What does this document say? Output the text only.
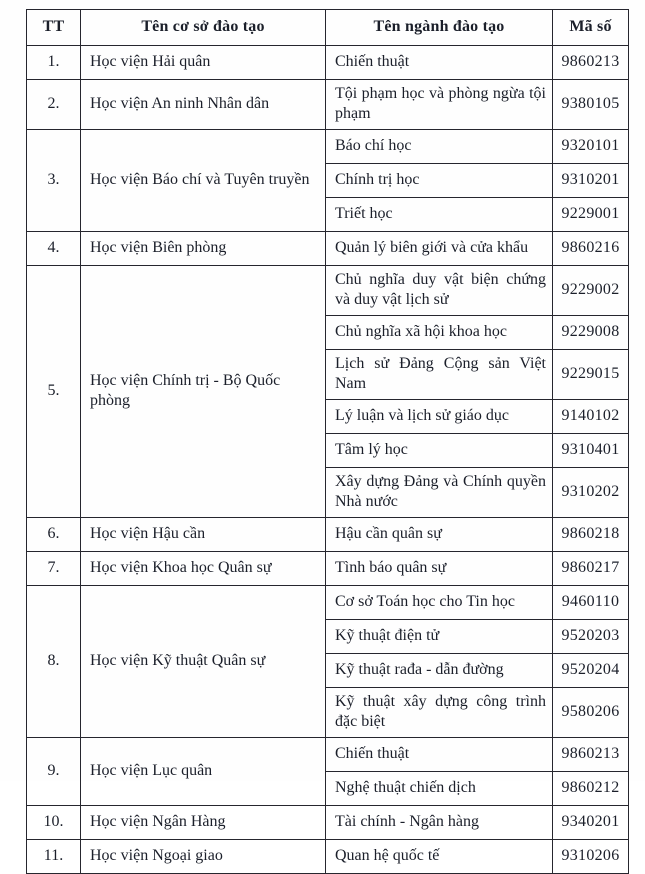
TT	Tên cơ sở đào tạo	Tên ngành đào tạo	Mã số
1.	Học viện Hải quân	Chiến thuật	9860213
2.	Học viện An ninh Nhân dân	Tội phạm học và phòng ngừa tội phạm	9380105
3.	Học viện Báo chí và Tuyên truyền	Báo chí học	9320101
		Chính trị học	9310201
		Triết học	9229001
4.	Học viện Biên phòng	Quản lý biên giới và cửa khẩu	9860216
5.	Học viện Chính trị - Bộ Quốc phòng	Chủ nghĩa duy vật biện chứng và duy vật lịch sử	9229002
		Chủ nghĩa xã hội khoa học	9229008
		Lịch sử Đảng Cộng sản Việt Nam	9229015
		Lý luận và lịch sử giáo dục	9140102
		Tâm lý học	9310401
		Xây dựng Đảng và Chính quyền Nhà nước	9310202
6.	Học viện Hậu cần	Hậu cần quân sự	9860218
7.	Học viện Khoa học Quân sự	Tình báo quân sự	9860217
8.	Học viện Kỹ thuật Quân sự	Cơ sở Toán học cho Tin học	9460110
		Kỹ thuật điện tử	9520203
		Kỹ thuật rađa - dẫn đường	9520204
		Kỹ thuật xây dựng công trình đặc biệt	9580206
9.	Học viện Lục quân	Chiến thuật	9860213
		Nghệ thuật chiến dịch	9860212
10.	Học viện Ngân Hàng	Tài chính - Ngân hàng	9340201
11.	Học viện Ngoại giao	Quan hệ quốc tế	9310206
